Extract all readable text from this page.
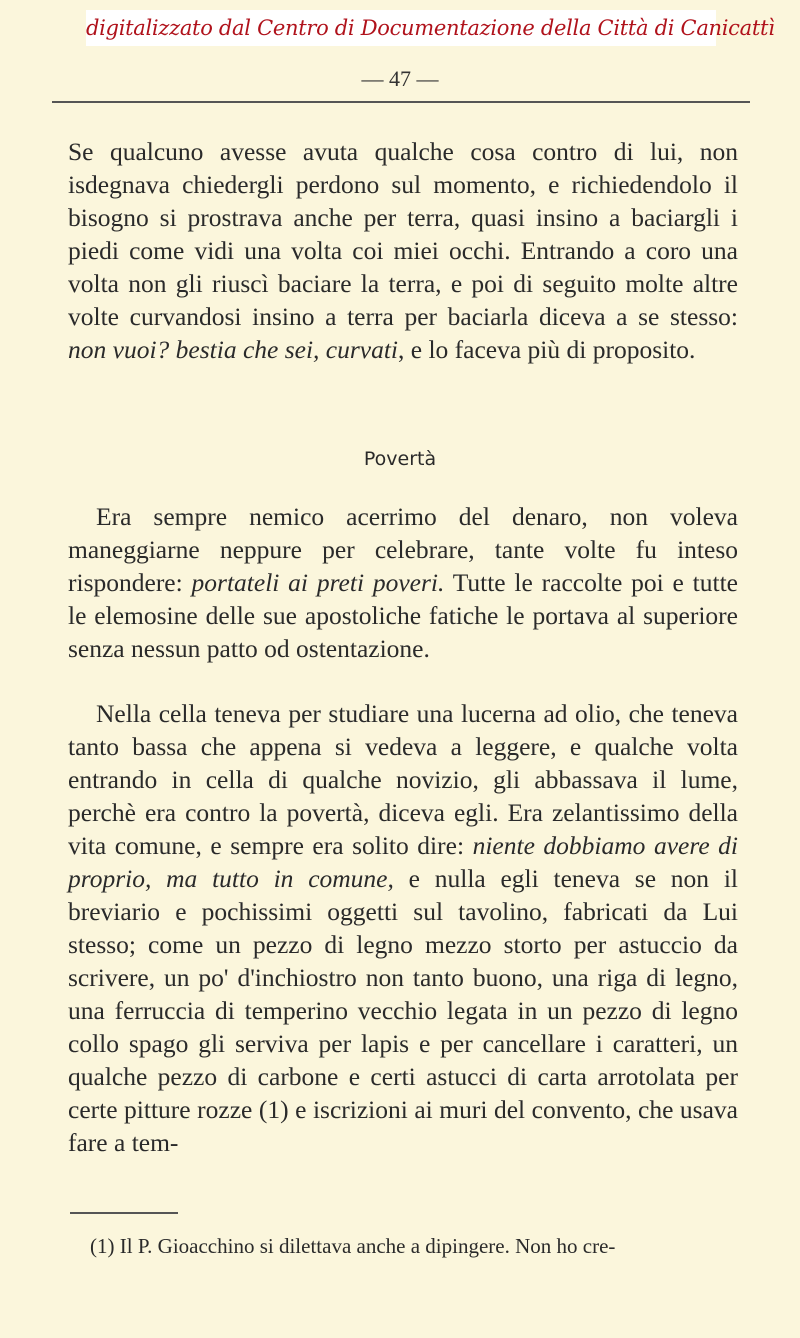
digitalizzato dal Centro di Documentazione della Città di Canicattì
— 47 —

Se qualcuno avesse avuta qualche cosa contro di lui, non isdegnava chiedergli perdono sul momento, e richiedendolo il bisogno si prostrava anche per terra, quasi insino a baciargli i piedi come vidi una volta coi miei occhi. Entrando a coro una volta non gli riuscì baciare la terra, e poi di seguito molte altre volte curvandosi insino a terra per baciarla diceva a se stesso: non vuoi? bestia che sei, curvati, e lo faceva più di proposito.

Povertà

Era sempre nemico acerrimo del denaro, non voleva maneggiarne neppure per celebrare, tante volte fu inteso rispondere: portateli ai preti poveri. Tutte le raccolte poi e tutte le elemosine delle sue apostoliche fatiche le portava al superiore senza nessun patto od ostentazione.

Nella cella teneva per studiare una lucerna ad olio, che teneva tanto bassa che appena si vedeva a leggere, e qualche volta entrando in cella di qualche novizio, gli abbassava il lume, perchè era contro la povertà, diceva egli. Era zelantissimo della vita comune, e sempre era solito dire: niente dobbiamo avere di proprio, ma tutto in comune, e nulla egli teneva se non il breviario e pochissimi oggetti sul tavolino, fabricati da Lui stesso; come un pezzo di legno mezzo storto per astuccio da scrivere, un po' d'inchiostro non tanto buono, una riga di legno, una ferruccia di temperino vecchio legata in un pezzo di legno collo spago gli serviva per lapis e per cancellare i caratteri, un qualche pezzo di carbone e certi astucci di carta arrotolata per certe pitture rozze (1) e iscrizioni ai muri del convento, che usava fare a tem-

(1) Il P. Gioacchino si dilettava anche a dipingere. Non ho cre-
